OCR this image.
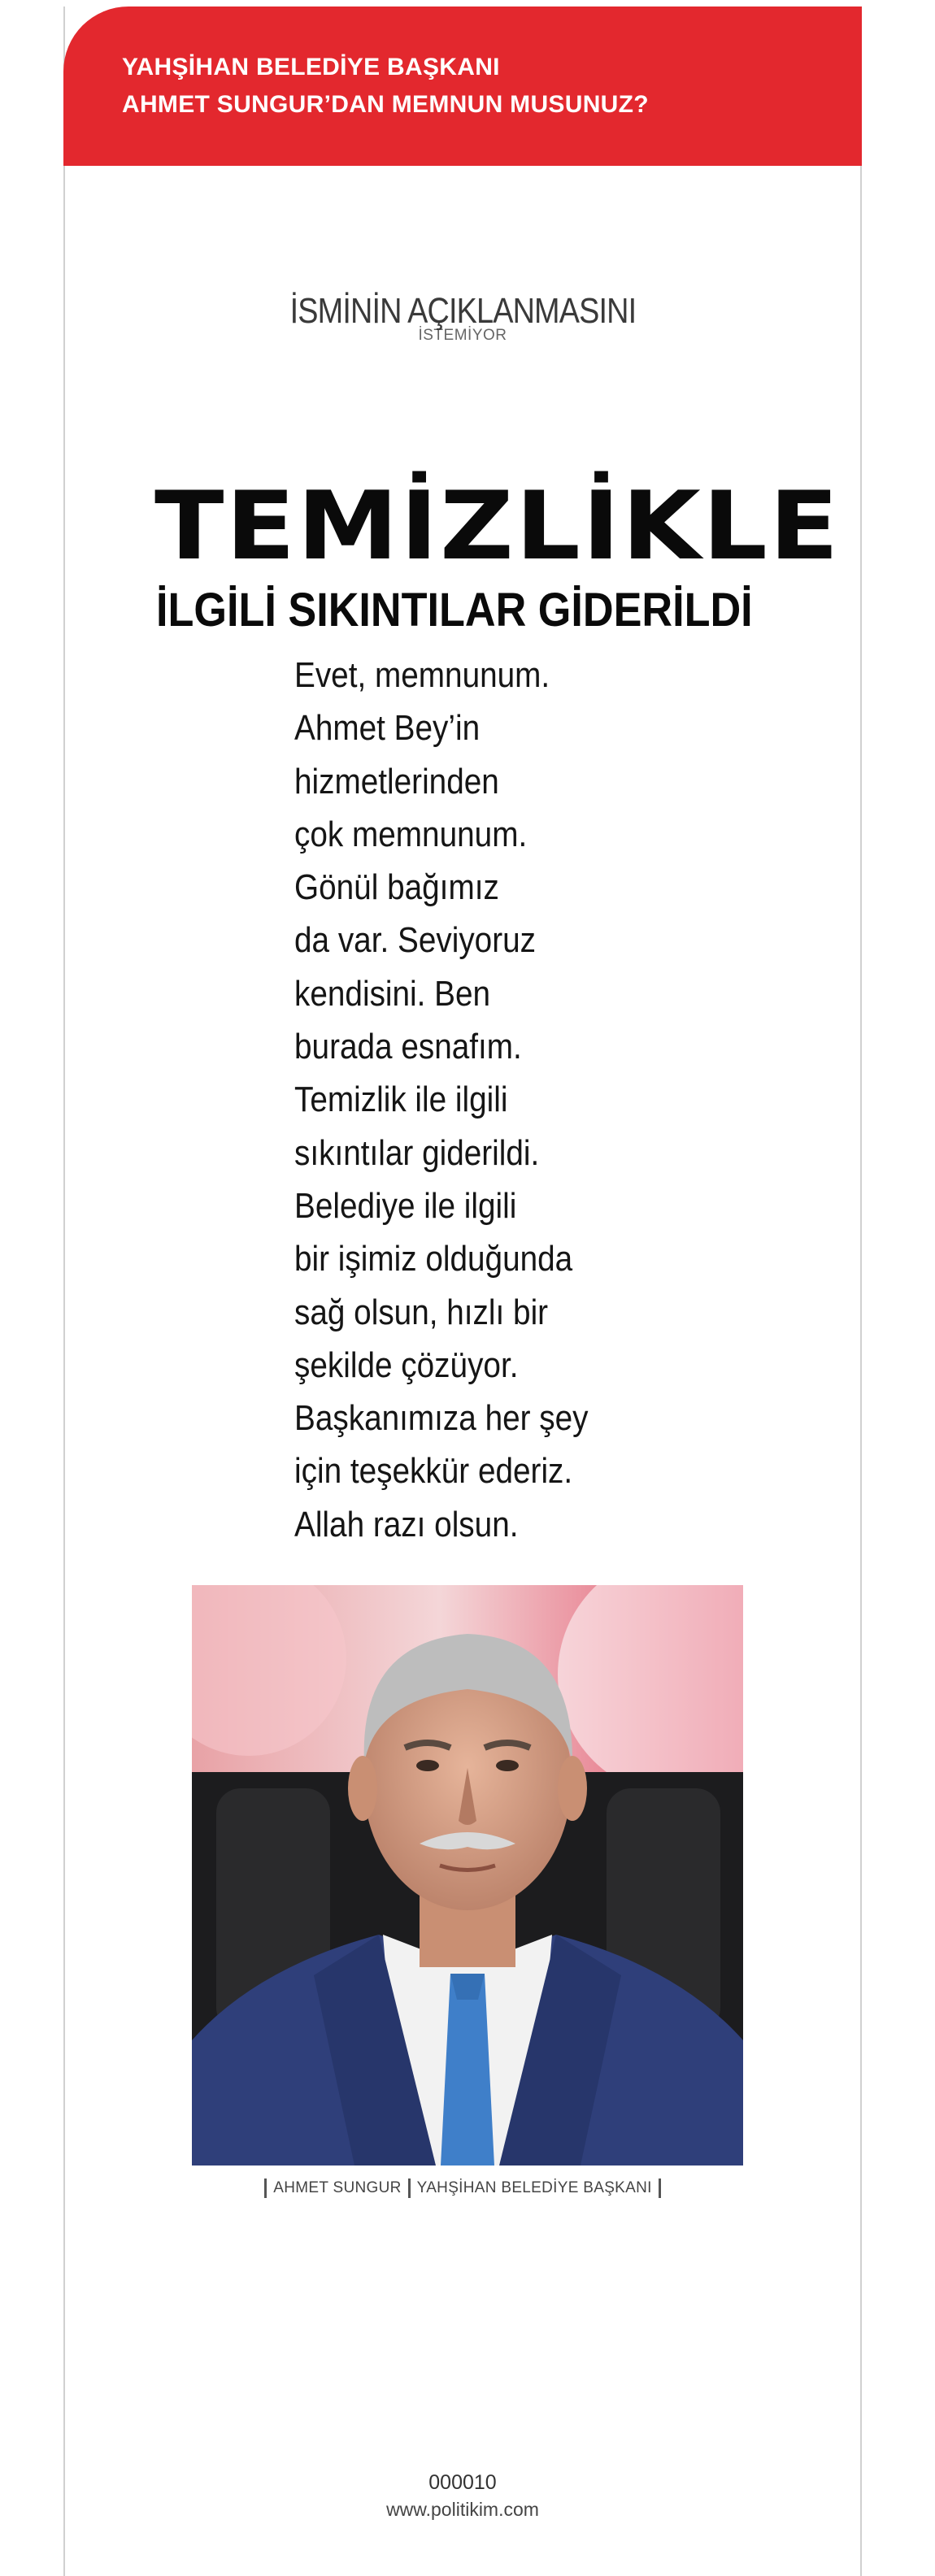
YAHŞİHAN BELEDİYE BAŞKANI
AHMET SUNGUR’DAN MEMNUN MUSUNUZ?
İSMİNİN AÇIKLANMASINI
İSTEMİYOR
TEMİZLİKLE
İLGİLİ SIKINTILAR GİDERİLDİ
Evet, memnunum.
Ahmet Bey’in
hizmetlerinden
çok memnunum.
Gönül bağımız
da var. Seviyoruz
kendisini. Ben
burada esnafım.
Temizlik ile ilgili
sıkıntılar giderildi.
Belediye ile ilgili
bir işimiz olduğunda
sağ olsun, hızlı bir
şekilde çözüyor.
Başkanımıza her şey
için teşekkür ederiz.
Allah razı olsun.
AHMET SUNGUR YAHŞİHAN BELEDİYE BAŞKANI
000010
www.politikim.com
